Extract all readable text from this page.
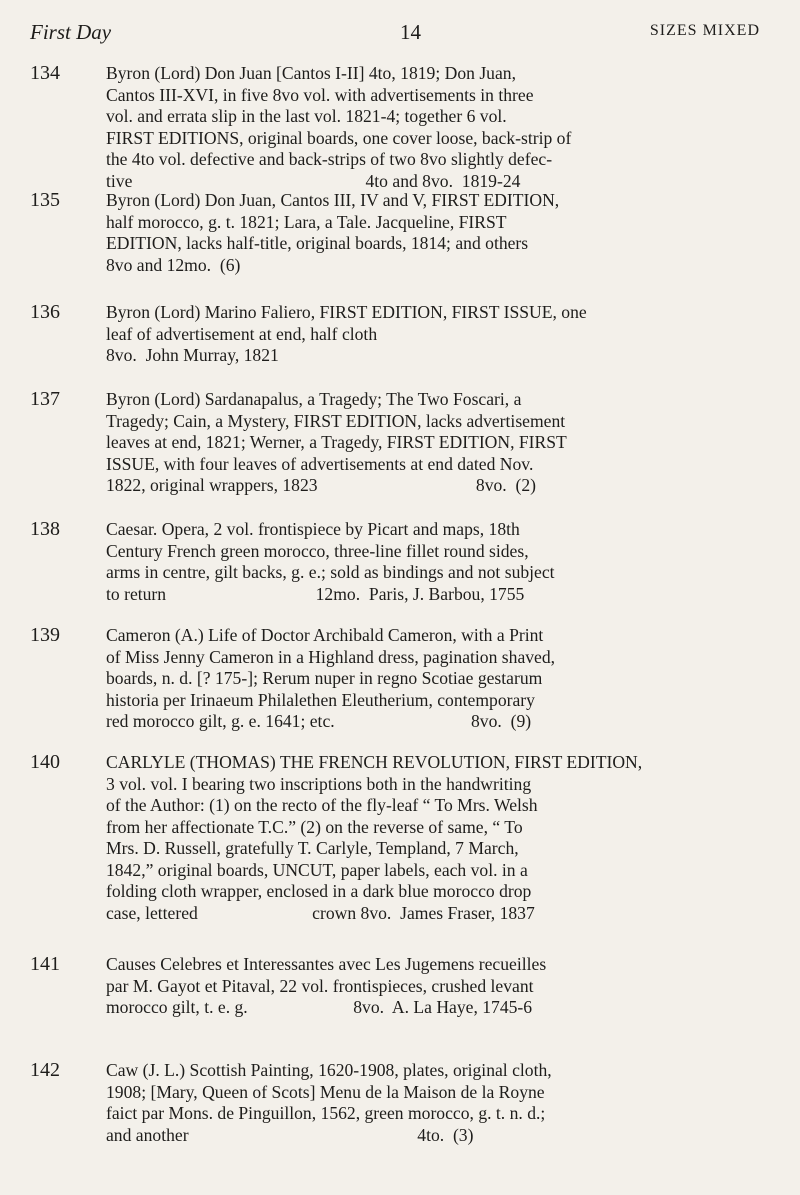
First Day	14	SIZES MIXED
134	Byron (Lord) Don Juan [Cantos I-II] 4to, 1819; Don Juan,
Cantos III-XVI, in five 8vo vol. with advertisements in three
vol. and errata slip in the last vol. 1821-4; together 6 vol.
FIRST EDITIONS, original boards, one cover loose, back-strip of
the 4to vol. defective and back-strips of two 8vo slightly defec-
tive                                                     4to and 8vo.  1819-24
135	Byron (Lord) Don Juan, Cantos III, IV and V, FIRST EDITION,
half morocco, g. t. 1821; Lara, a Tale. Jacqueline, FIRST
EDITION, lacks half-title, original boards, 1814; and others
8vo and 12mo.  (6)
136	Byron (Lord) Marino Faliero, FIRST EDITION, FIRST ISSUE, one
leaf of advertisement at end, half cloth
8vo.  John Murray, 1821
137	Byron (Lord) Sardanapalus, a Tragedy; The Two Foscari, a
Tragedy; Cain, a Mystery, FIRST EDITION, lacks advertisement
leaves at end, 1821; Werner, a Tragedy, FIRST EDITION, FIRST
ISSUE, with four leaves of advertisements at end dated Nov.
1822, original wrappers, 1823                                    8vo.  (2)
138	Caesar. Opera, 2 vol. frontispiece by Picart and maps, 18th
Century French green morocco, three-line fillet round sides,
arms in centre, gilt backs, g. e.; sold as bindings and not subject
to return                                  12mo.  Paris, J. Barbou, 1755
139	Cameron (A.) Life of Doctor Archibald Cameron, with a Print
of Miss Jenny Cameron in a Highland dress, pagination shaved,
boards, n. d. [? 175-]; Rerum nuper in regno Scotiae gestarum
historia per Irinaeum Philalethen Eleutherium, contemporary
red morocco gilt, g. e. 1641; etc.                               8vo.  (9)
140	CARLYLE (THOMAS) THE FRENCH REVOLUTION, FIRST EDITION,
3 vol. vol. I bearing two inscriptions both in the handwriting
of the Author: (1) on the recto of the fly-leaf “ To Mrs. Welsh
from her affectionate T.C.” (2) on the reverse of same, “ To
Mrs. D. Russell, gratefully T. Carlyle, Templand, 7 March,
1842,” original boards, UNCUT, paper labels, each vol. in a
folding cloth wrapper, enclosed in a dark blue morocco drop
case, lettered                          crown 8vo.  James Fraser, 1837
141	Causes Celebres et Interessantes avec Les Jugemens recueilles
par M. Gayot et Pitaval, 22 vol. frontispieces, crushed levant
morocco gilt, t. e. g.                        8vo.  A. La Haye, 1745-6
142	Caw (J. L.) Scottish Painting, 1620-1908, plates, original cloth,
1908; [Mary, Queen of Scots] Menu de la Maison de la Royne
faict par Mons. de Pinguillon, 1562, green morocco, g. t. n. d.;
and another                                                    4to.  (3)
